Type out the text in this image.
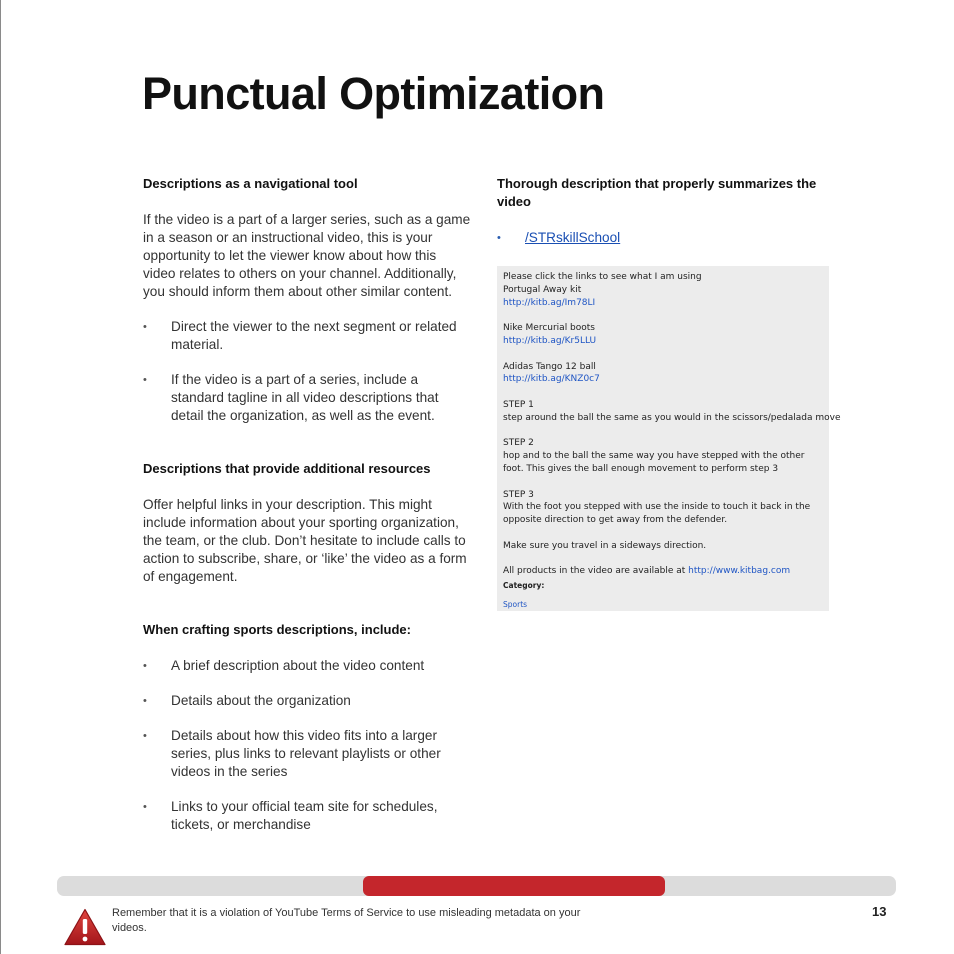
Punctual Optimization
Descriptions as a navigational tool

If the video is a part of a larger series, such as a game in a season or an instructional video, this is your opportunity to let the viewer know about how this video relates to others on your channel. Additionally, you should inform them about other similar content.

• Direct the viewer to the next segment or related material.
• If the video is a part of a series, include a standard tagline in all video descriptions that detail the organization, as well as the event.
Descriptions that provide additional resources

Offer helpful links in your description. This might include information about your sporting organization, the team, or the club. Don’t hesitate to include calls to action to subscribe, share, or ‘like’ the video as a form of engagement.

When crafting sports descriptions, include:
• A brief description about the video content
• Details about the organization
• Details about how this video fits into a larger series, plus links to relevant playlists or other videos in the series
• Links to your official team site for schedules, tickets, or merchandise
Thorough description that properly summarizes the video
• /STRskillSchool

Please click the links to see what I am using

Portugal Away kit

http://kitb.ag/Im78LI

Nike Mercurial boots

http://kitb.ag/Kr5LLU

Adidas Tango 12 ball

http://kitb.ag/KNZ0c7

STEP 1

step around the ball the same as you would in the scissors/pedalada move

STEP 2

hop and to the ball the same way you have stepped with the other foot. This gives the ball enough movement to perform step 3

STEP 3

With the foot you stepped with use the inside to touch it back in the opposite direction to get away from the defender.

Make sure you travel in a sideways direction.

All products in the video are available at http://www.kitbag.com

Category:

Sports

Remember that it is a violation of YouTube Terms of Service to use misleading metadata on your videos.

13
